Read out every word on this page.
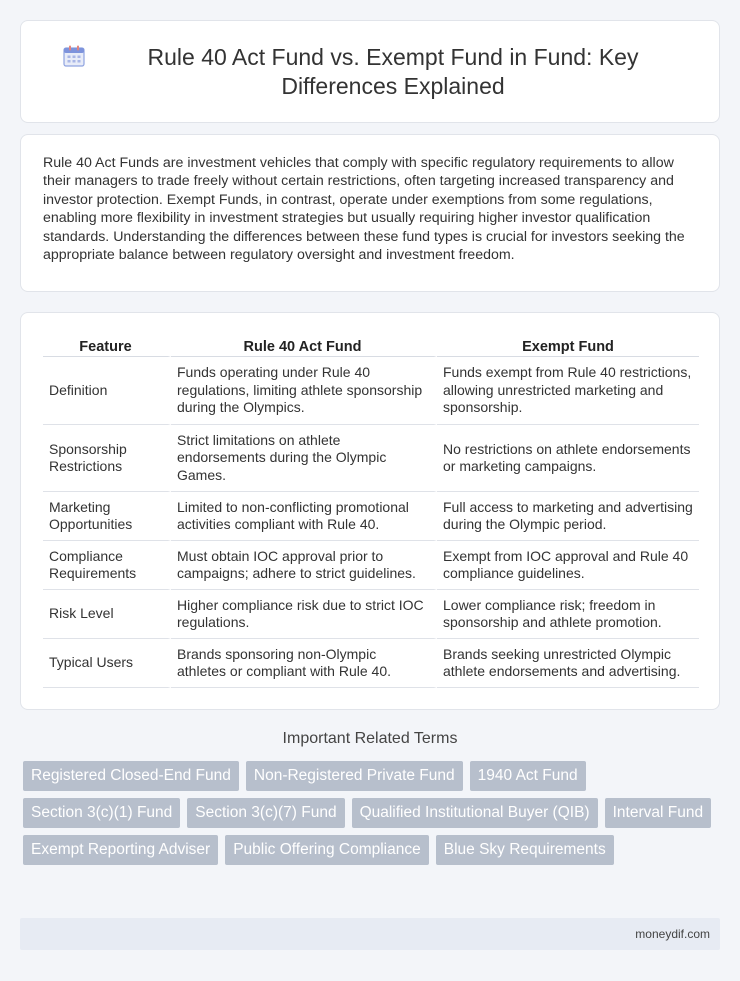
Rule 40 Act Fund vs. Exempt Fund in Fund: Key Differences Explained

Rule 40 Act Funds are investment vehicles that comply with specific regulatory requirements to allow their managers to trade freely without certain restrictions, often targeting increased transparency and investor protection. Exempt Funds, in contrast, operate under exemptions from some regulations, enabling more flexibility in investment strategies but usually requiring higher investor qualification standards. Understanding the differences between these fund types is crucial for investors seeking the appropriate balance between regulatory oversight and investment freedom.

Feature	Rule 40 Act Fund	Exempt Fund
Definition	Funds operating under Rule 40 regulations, limiting athlete sponsorship during the Olympics.	Funds exempt from Rule 40 restrictions, allowing unrestricted marketing and sponsorship.
Sponsorship Restrictions	Strict limitations on athlete endorsements during the Olympic Games.	No restrictions on athlete endorsements or marketing campaigns.
Marketing Opportunities	Limited to non-conflicting promotional activities compliant with Rule 40.	Full access to marketing and advertising during the Olympic period.
Compliance Requirements	Must obtain IOC approval prior to campaigns; adhere to strict guidelines.	Exempt from IOC approval and Rule 40 compliance guidelines.
Risk Level	Higher compliance risk due to strict IOC regulations.	Lower compliance risk; freedom in sponsorship and athlete promotion.
Typical Users	Brands sponsoring non-Olympic athletes or compliant with Rule 40.	Brands seeking unrestricted Olympic athlete endorsements and advertising.
Important Related Terms
Registered Closed-End Fund	Non-Registered Private Fund	1940 Act Fund
Section 3(c)(1) Fund	Section 3(c)(7) Fund	Qualified Institutional Buyer (QIB)	Interval Fund
Exempt Reporting Adviser	Public Offering Compliance	Blue Sky Requirements
moneydif.com
